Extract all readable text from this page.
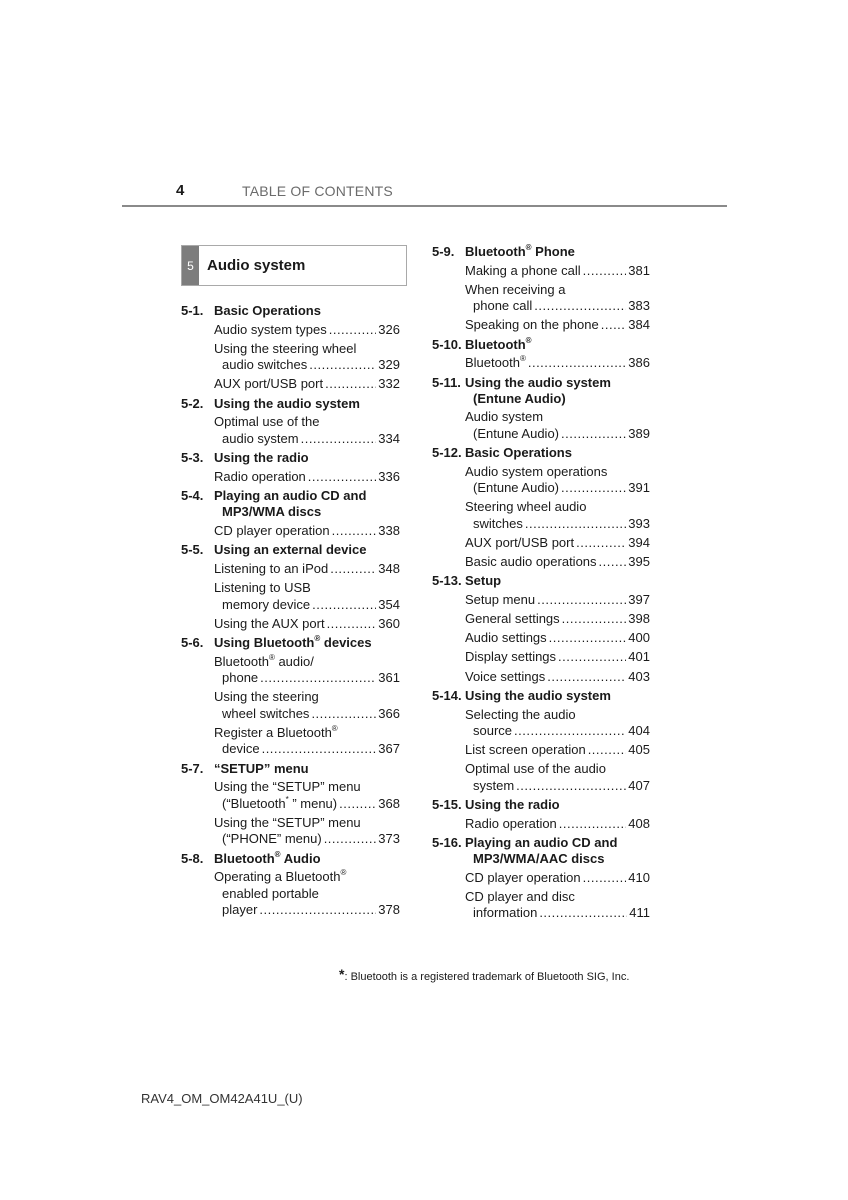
4	TABLE OF CONTENTS
5 Audio system
5-1. Basic Operations
Audio system types .....	326
Using the steering wheel
audio switches .....	329
AUX port/USB port .....	332
5-2. Using the audio system
Optimal use of the
audio system .....	334
5-3. Using the radio
Radio operation .....	336
5-4. Playing an audio CD and

MP3/WMA discs
CD player operation .....	338
5-5. Using an external device
Listening to an iPod .....	348
Listening to USB
memory device .....	354
Using the AUX port .....	360
5-6. Using Bluetooth® devices
Bluetooth® audio/
phone .....	361
Using the steering
wheel switches .....	366
Register a Bluetooth®
device .....	367
5-7. “SETUP” menu
Using the “SETUP” menu
(“Bluetooth* ” menu) .....	368
Using the “SETUP” menu
(“PHONE” menu) .....	373
5-8. Bluetooth® Audio
Operating a Bluetooth®
enabled portable
player .....	378
5-9. Bluetooth® Phone
Making a phone call .....	381
When receiving a
phone call .....	383
Speaking on the phone ..... 384
5-10. Bluetooth®
Bluetooth® .....	386
5-11. Using the audio system

(Entune Audio)
Audio system
(Entune Audio) .....	389
5-12. Basic Operations
Audio system operations
(Entune Audio) .....	391
Steering wheel audio
switches .....	393
AUX port/USB port .....	394
Basic audio operations ..... 395
5-13. Setup
Setup menu .....	397
General settings .....	398
Audio settings .....	400
Display settings .....	401
Voice settings .....	403
5-14. Using the audio system
Selecting the audio
source .....	404
List screen operation .....	405
Optimal use of the audio
system .....	407
5-15. Using the radio
Radio operation .....	408
5-16. Playing an audio CD and

MP3/WMA/AAC discs
CD player operation .....	410
CD player and disc
information .....	411
*: Bluetooth is a registered trademark of Bluetooth SIG, Inc.
RAV4_OM_OM42A41U_(U)
